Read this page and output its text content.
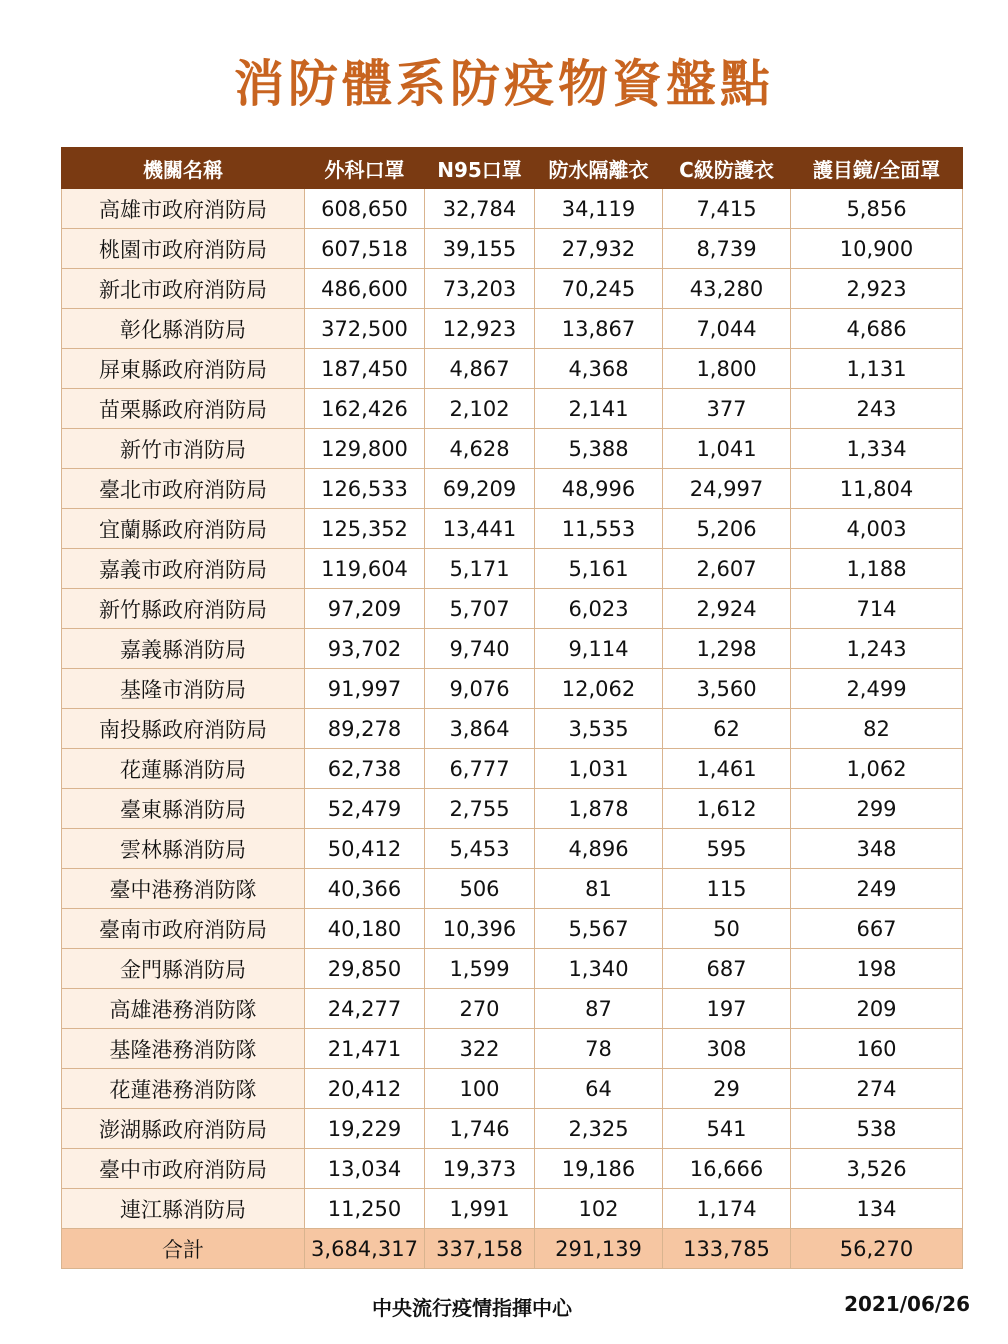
消防體系防疫物資盤點
機關名稱	外科口罩	N95口罩	防水隔離衣	C級防護衣	護目鏡/全面罩
高雄市政府消防局	608,650	32,784	34,119	7,415	5,856
桃園市政府消防局	607,518	39,155	27,932	8,739	10,900
新北市政府消防局	486,600	73,203	70,245	43,280	2,923
彰化縣消防局	372,500	12,923	13,867	7,044	4,686
屏東縣政府消防局	187,450	4,867	4,368	1,800	1,131
苗栗縣政府消防局	162,426	2,102	2,141	377	243
新竹市消防局	129,800	4,628	5,388	1,041	1,334
臺北市政府消防局	126,533	69,209	48,996	24,997	11,804
宜蘭縣政府消防局	125,352	13,441	11,553	5,206	4,003
嘉義市政府消防局	119,604	5,171	5,161	2,607	1,188
新竹縣政府消防局	97,209	5,707	6,023	2,924	714
嘉義縣消防局	93,702	9,740	9,114	1,298	1,243
基隆市消防局	91,997	9,076	12,062	3,560	2,499
南投縣政府消防局	89,278	3,864	3,535	62	82
花蓮縣消防局	62,738	6,777	1,031	1,461	1,062
臺東縣消防局	52,479	2,755	1,878	1,612	299
雲林縣消防局	50,412	5,453	4,896	595	348
臺中港務消防隊	40,366	506	81	115	249
臺南市政府消防局	40,180	10,396	5,567	50	667
金門縣消防局	29,850	1,599	1,340	687	198
高雄港務消防隊	24,277	270	87	197	209
基隆港務消防隊	21,471	322	78	308	160
花蓮港務消防隊	20,412	100	64	29	274
澎湖縣政府消防局	19,229	1,746	2,325	541	538
臺中市政府消防局	13,034	19,373	19,186	16,666	3,526
連江縣消防局	11,250	1,991	102	1,174	134
合計	3,684,317	337,158	291,139	133,785	56,270
中央流行疫情指揮中心	2021/06/26
